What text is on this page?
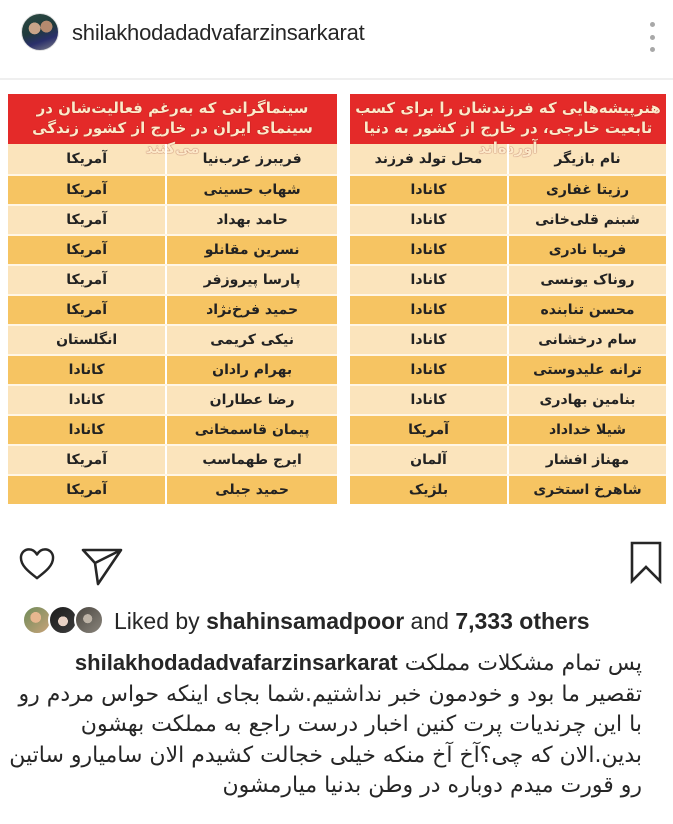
shilakhodadadvafarzinsarkarat
سینماگرانی که به‌رغم فعالیت‌شان در سینمای ایران در خارج از کشور زندگی می‌کنند
فریبرز عرب‌نیا
آمریکا
شهاب حسینی
آمریکا
حامد بهداد
آمریکا
نسرین مقانلو
آمریکا
پارسا پیروزفر
آمریکا
حمید فرخ‌نژاد
آمریکا
نیکی کریمی
انگلستان
بهرام رادان
کانادا
رضا عطاران
کانادا
پیمان قاسمخانی
کانادا
ایرج طهماسب
آمریکا
حمید جبلی
آمریکا
هنرپیشه‌هایی که فرزندشان را برای کسب تابعیت خارجی، در خارج از کشور به دنیا آورده‌اند
نام بازیگر
محل تولد فرزند
رزیتا غفاری
کانادا
شبنم قلی‌خانی
کانادا
فریبا نادری
کانادا
روناک یونسی
کانادا
محسن تنابنده
کانادا
سام درخشانی
کانادا
ترانه علیدوستی
کانادا
بنامین بهادری
کانادا
شیلا خداداد
آمریکا
مهناز افشار
آلمان
شاهرخ استخری
بلژیک
Liked by shahinsamadpoor and 7,333 others
پس تمام مشکلات مملکت shilakhodadadvafarzinsarkarat
تقصیر ما بود و خودمون خبر نداشتیم.شما بجای اینکه حواس مردم رو
با این چرندیات پرت کنین اخبار درست راجع به مملکت بهشون
بدین.الان که چی؟آخ آخ منکه خیلی خجالت کشیدم الان سامیارو ساتین
رو قورت میدم دوباره در وطن بدنیا میارمشون
